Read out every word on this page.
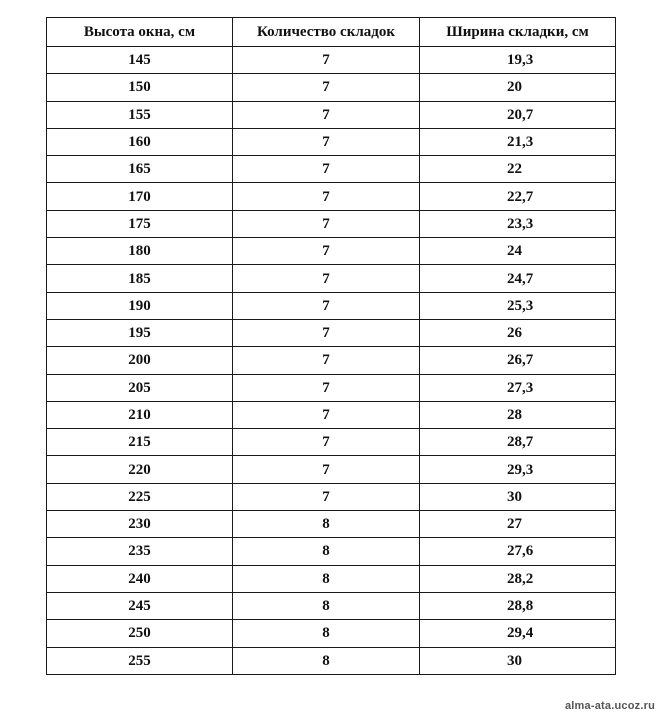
Высота окна, см	Количество складок	Ширина складки, см
145	7	19,3
150	7	20
155	7	20,7
160	7	21,3
165	7	22
170	7	22,7
175	7	23,3
180	7	24
185	7	24,7
190	7	25,3
195	7	26
200	7	26,7
205	7	27,3
210	7	28
215	7	28,7
220	7	29,3
225	7	30
230	8	27
235	8	27,6
240	8	28,2
245	8	28,8
250	8	29,4
255	8	30
alma-ata.ucoz.ru
